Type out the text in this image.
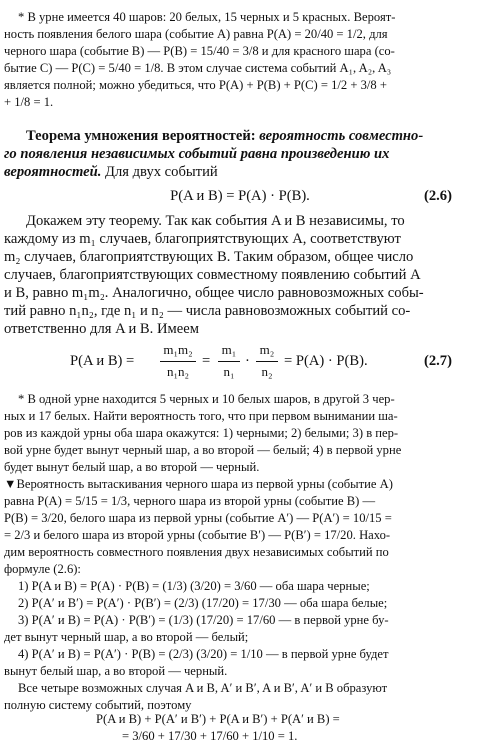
* В урне имеется 40 шаров: 20 белых, 15 черных и 5 красных. Вероят-
ность появления белого шара (событие A) равна P(A) = 20/40 = 1/2, для
черного шара (событие B) — P(B) = 15/40 = 3/8 и для красного шара (со-
бытие C) — P(C) = 5/40 = 1/8. В этом случае система событий A₁, A₂, A₃
является полной; можно убедиться, что P(A) + P(B) + P(C) = 1/2 + 3/8 +
+ 1/8 = 1.
Теорема умножения вероятностей: вероятность совместно-
го появления независимых событий равна произведению их
вероятностей. Для двух событий
P(A и B) = P(A) · P(B).	(2.6)
Докажем эту теорему. Так как события A и B независимы, то
каждому из m₁ случаев, благоприятствующих A, соответствуют
m₂ случаев, благоприятствующих B. Таким образом, общее число
случаев, благоприятствующих совместному появлению событий A
и B, равно m₁m₂. Аналогично, общее число равновозможных собы-
тий равно n₁n₂, где n₁ и n₂ — числа равновозможных событий со-
ответственно для A и B. Имеем
P(A и B) =
m₁m₂
n₁n₂
=
m₁
n₁
·
m₂
n₂
= P(A) · P(B).	(2.7)
* В одной урне находится 5 черных и 10 белых шаров, в другой 3 чер-
ных и 17 белых. Найти вероятность того, что при первом вынимании ша-
ров из каждой урны оба шара окажутся: 1) черными; 2) белыми; 3) в пер-
вой урне будет вынут черный шар, а во второй — белый; 4) в первой урне
будет вынут белый шар, а во второй — черный.
▼Вероятность вытаскивания черного шара из первой урны (событие A)
равна P(A) = 5/15 = 1/3, черного шара из второй урны (событие B) —
P(B) = 3/20, белого шара из первой урны (событие A′) — P(A′) = 10/15 =
= 2/3 и белого шара из второй урны (событие B′) — P(B′) = 17/20. Нахо-
дим вероятность совместного появления двух независимых событий по
формуле (2.6):
1) P(A и B) = P(A) · P(B) = (1/3) (3/20) = 3/60 — оба шара черные;
2) P(A′ и B′) = P(A′) · P(B′) = (2/3) (17/20) = 17/30 — оба шара белые;
3) P(A′ и B) = P(A) · P(B′) = (1/3) (17/20) = 17/60 — в первой урне бу-
дет вынут черный шар, а во второй — белый;
4) P(A′ и B) = P(A′) · P(B) = (2/3) (3/20) = 1/10 — в первой урне будет
вынут белый шар, а во второй — черный.
Все четыре возможных случая A и B, A′ и B′, A и B′, A′ и B образуют
полную систему событий, поэтому
P(A и B) + P(A′ и B′) + P(A и B′) + P(A′ и B) =
= 3/60 + 17/30 + 17/60 + 1/10 = 1.
